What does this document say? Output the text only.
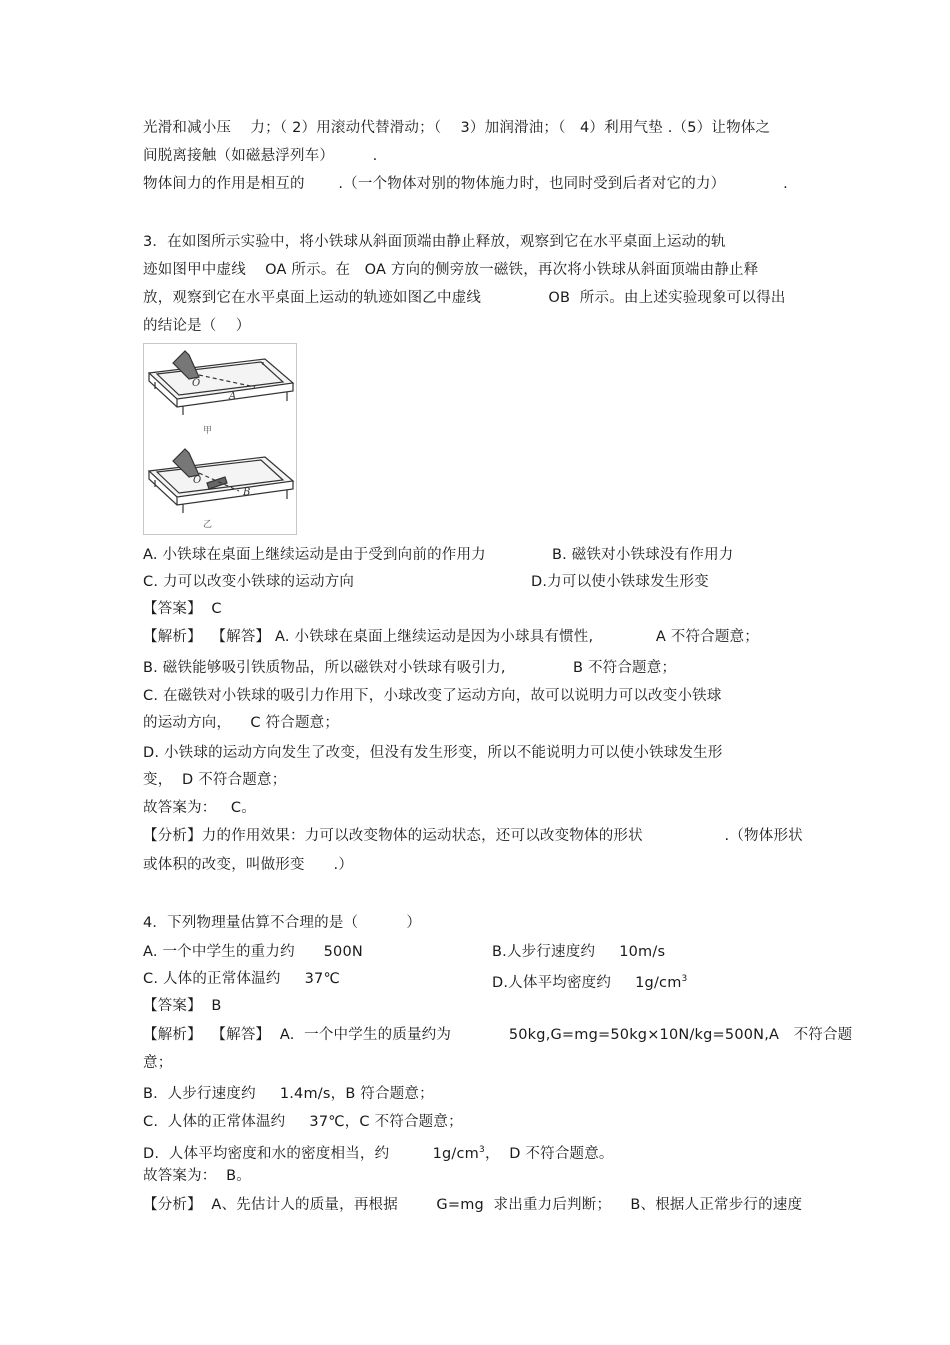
光滑和减小压    力；（ 2）用滚动代替滑动；（    3）加润滑油；（   4）利用气垫 .（5）让物体之
间脱离接触（如磁悬浮列车）        .
物体间力的作用是相互的       .（一个物体对别的物体施力时，也同时受到后者对它的力）            .
3．在如图所示实验中，将小铁球从斜面顶端由静止释放，观察到它在水平桌面上运动的轨
迹如图甲中虚线    OA 所示。在   OA 方向的侧旁放一磁铁，再次将小铁球从斜面顶端由静止释
放，观察到它在水平桌面上运动的轨迹如图乙中虚线              OB  所示。由上述实验现象可以得出
的结论是（    ）
O
A
甲
O
B
乙
A. 小铁球在桌面上继续运动是由于受到向前的作用力	B. 磁铁对小铁球没有作用力
C. 力可以改变小铁球的运动方向	D.力可以使小铁球发生形变
【答案】  C
【解析】  【解答】 A. 小铁球在桌面上继续运动是因为小球具有惯性,             A 不符合题意；
B. 磁铁能够吸引铁质物品，所以磁铁对小铁球有吸引力,              B 不符合题意；
C. 在磁铁对小铁球的吸引力作用下，小球改变了运动方向，故可以说明力可以改变小铁球
的运动方向，    C 符合题意；
D. 小铁球的运动方向发生了改变，但没有发生形变，所以不能说明力可以使小铁球发生形
变，  D 不符合题意；
故答案为：   C。
【分析】力的作用效果：力可以改变物体的运动状态，还可以改变物体的形状                 .（物体形状
或体积的改变，叫做形变      .）
4．下列物理量估算不合理的是（          ）
A. 一个中学生的重力约      500N	B.人步行速度约     10m/s
C. 人体的正常体温约     37℃	D.人体平均密度约     $1g/cm^3$
【答案】  B
【解析】  【解答】  A.  一个中学生的质量约为            50kg,G=mg=50kg×10N/kg=500N,A   不符合题
意；
B.  人步行速度约     1.4m/s，B 符合题意；
C.  人体的正常体温约     37℃，C 不符合题意；
D.  人体平均密度和水的密度相当，约         $1g/cm^3$，  D 不符合题意。
故答案为：  B。
【分析】  A、先估计人的质量，再根据        G=mg  求出重力后判断；    B、根据人正常步行的速度
